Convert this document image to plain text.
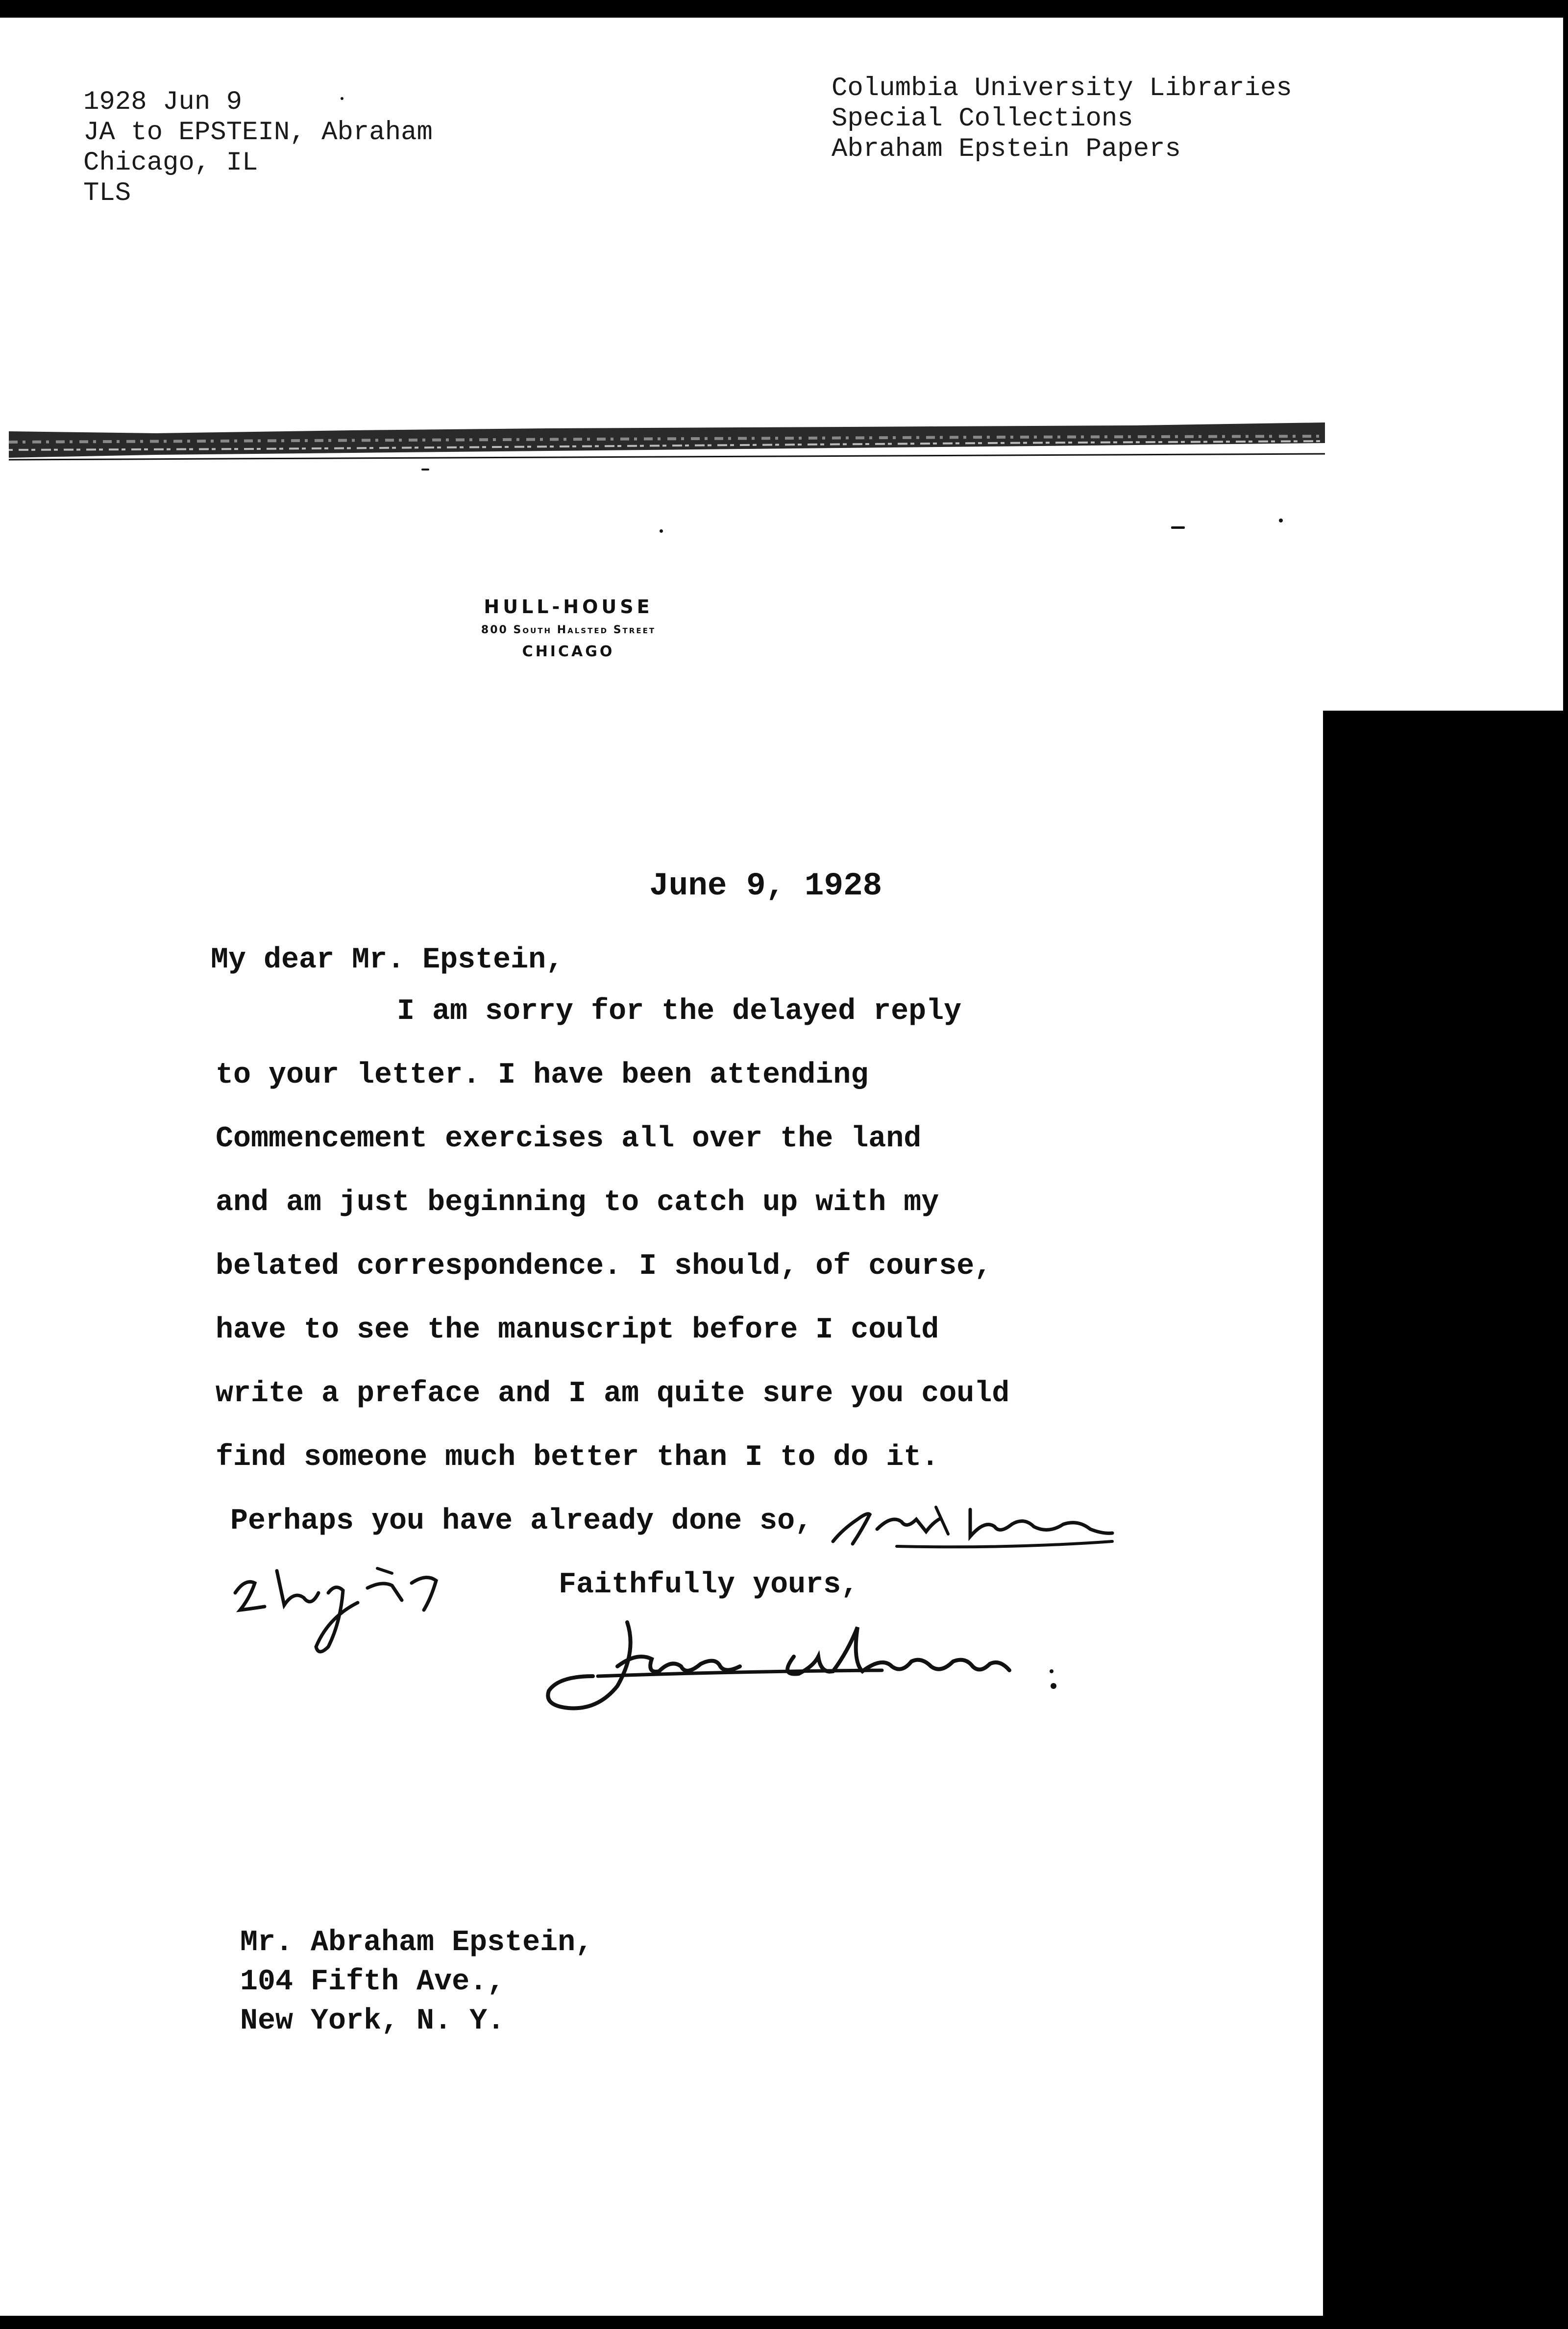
1928 Jun 9
JA to EPSTEIN, Abraham
Chicago, IL
TLS
Columbia University Libraries
Special Collections
Abraham Epstein Papers
HULL-HOUSE
800 South Halsted Street
CHICAGO
June 9, 1928
My dear Mr. Epstein,
I am sorry for the delayed reply
to your letter. I have been attending
Commencement exercises all over the land
and am just beginning to catch up with my
belated correspondence. I should, of course,
have to see the manuscript before I could
write a preface and I am quite sure you could
find someone much better than I to do it.
Perhaps you have already done so,
Faithfully yours,
Mr. Abraham Epstein,
104 Fifth Ave.,
New York, N. Y.
